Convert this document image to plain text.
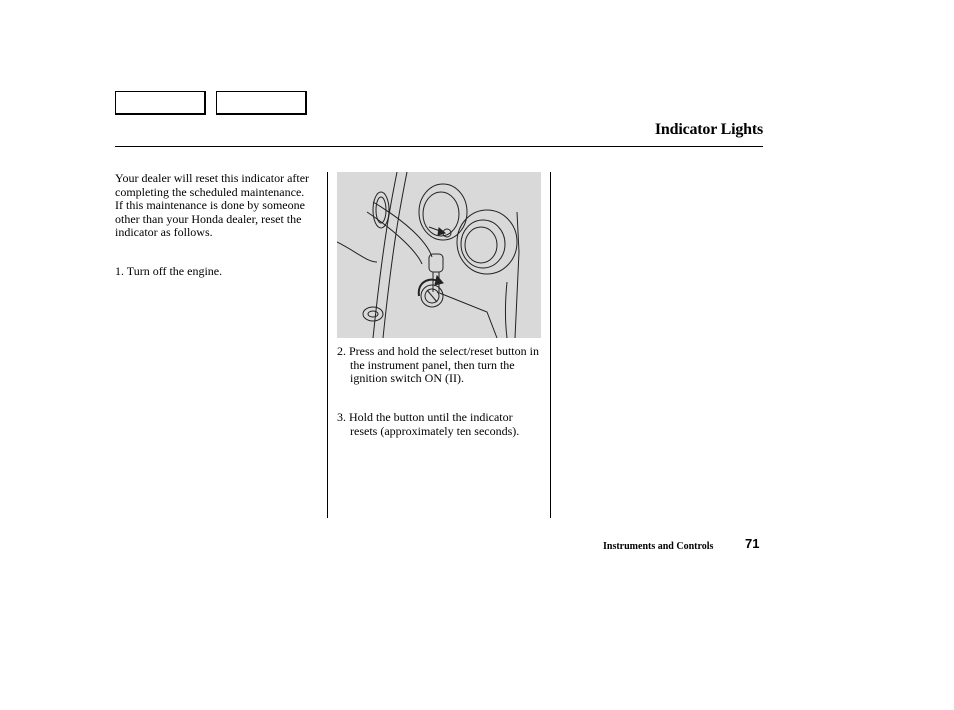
Indicator Lights
Your dealer will reset this indicator after completing the scheduled maintenance. If this maintenance is done by someone other than your Honda dealer, reset the indicator as follows.
1. Turn off the engine.
2. Press and hold the select/reset button in the instrument panel, then turn the ignition switch ON (II).
3. Hold the button until the indicator resets (approximately ten seconds).
Instruments and Controls 71
